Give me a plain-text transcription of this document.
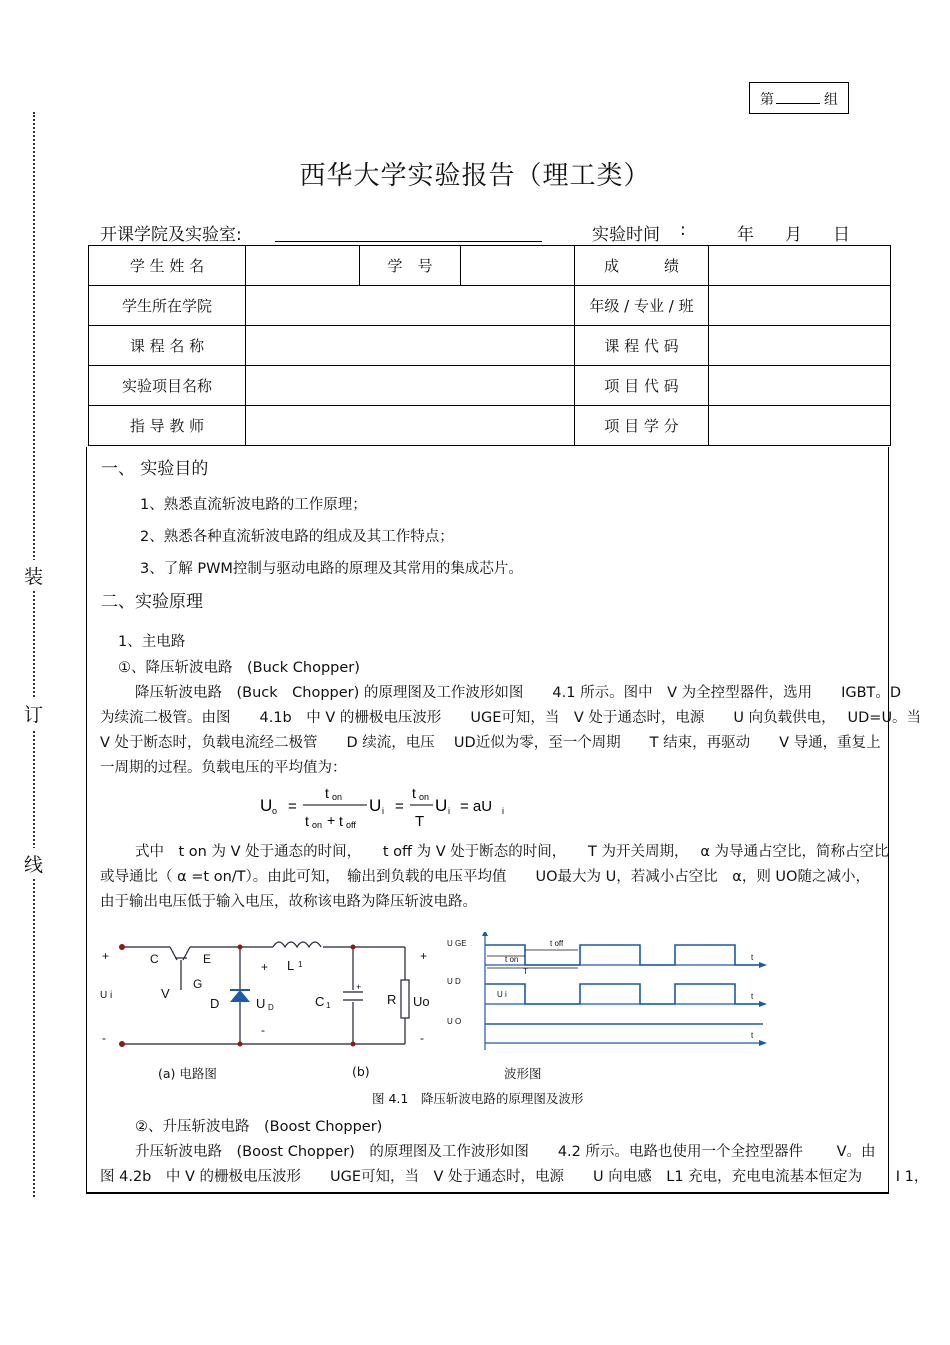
第	组
装
订
线
西华大学实验报告（理工类）
开课学院及实验室:	实验时间 :	年 月 日
学 生 姓 名		学　号		成　　　绩	
学生所在学院				年级 / 专业 / 班	
课 程 名 称				课 程 代 码	
实验项目名称				项 目 代 码	
指 导 教 师				项 目 学 分	
一、 实验目的
1、熟悉直流斩波电路的工作原理；
2、熟悉各种直流斩波电路的组成及其工作特点；
3、了解 PWM控制与驱动电路的原理及其常用的集成芯片。
二、实验原理
1、主电路
①、降压斩波电路　(Buck Chopper)
降压斩波电路　(Buck　Chopper) 的原理图及工作波形如图　　4.1 所示。图中　V 为全控型器件，选用　　IGBT。D
为续流二极管。由图　　4.1b　中 V 的栅极电压波形　　UGE可知，当　V 处于通态时，电源　　U 向负载供电，　 UD=U。当
V 处于断态时，负载电流经二极管　　D 续流，电压　 UD近似为零，至一个周期　　T 结束，再驱动　　V 导通，重复上
一周期的过程。负载电压的平均值为：
U o =
t on
t on + t off
U i =
t on
T
U i = aU i
式中　t on 为 V 处于通态的时间，　　t off 为 V 处于断态的时间，　　T 为开关周期，　 α 为导通占空比，简称占空比
或导通比（ α =t on/T）。由此可知，　输出到负载的电压平均值　　UO最大为 U，若减小占空比　α，则 UO随之减小，
由于输出电压低于输入电压，故称该电路为降压斩波电路。
+
-
C	E
G
V
U i
D	U D
+
-
L 1
C 1
+
R Uo
+
-
U GE
U D
U O
t off
t on
T
U i
t
t
t
(a) 电路图	(b)	波形图
图 4.1　降压斩波电路的原理图及波形
②、升压斩波电路　(Boost Chopper)
升压斩波电路　(Boost Chopper)　的原理图及工作波形如图　　4.2 所示。电路也使用一个全控型器件　　 V。由
图 4.2b　中 V 的栅极电压波形　　UGE可知，当　V 处于通态时，电源　　U 向电感　L1 充电，充电电流基本恒定为　　 I 1，
